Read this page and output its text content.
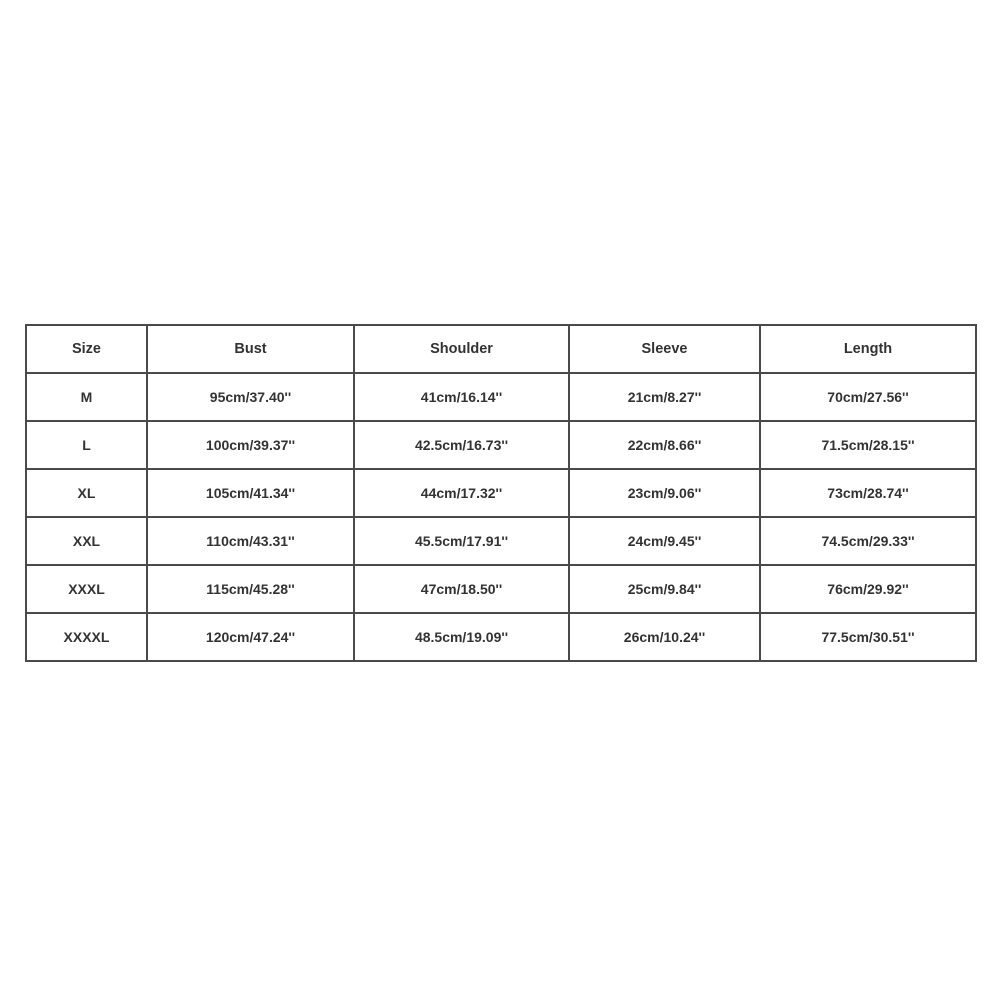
Size	Bust	Shoulder	Sleeve	Length
M	95cm/37.40''	41cm/16.14''	21cm/8.27''	70cm/27.56''
L	100cm/39.37''	42.5cm/16.73''	22cm/8.66''	71.5cm/28.15''
XL	105cm/41.34''	44cm/17.32''	23cm/9.06''	73cm/28.74''
XXL	110cm/43.31''	45.5cm/17.91''	24cm/9.45''	74.5cm/29.33''
XXXL	115cm/45.28''	47cm/18.50''	25cm/9.84''	76cm/29.92''
XXXXL	120cm/47.24''	48.5cm/19.09''	26cm/10.24''	77.5cm/30.51''
